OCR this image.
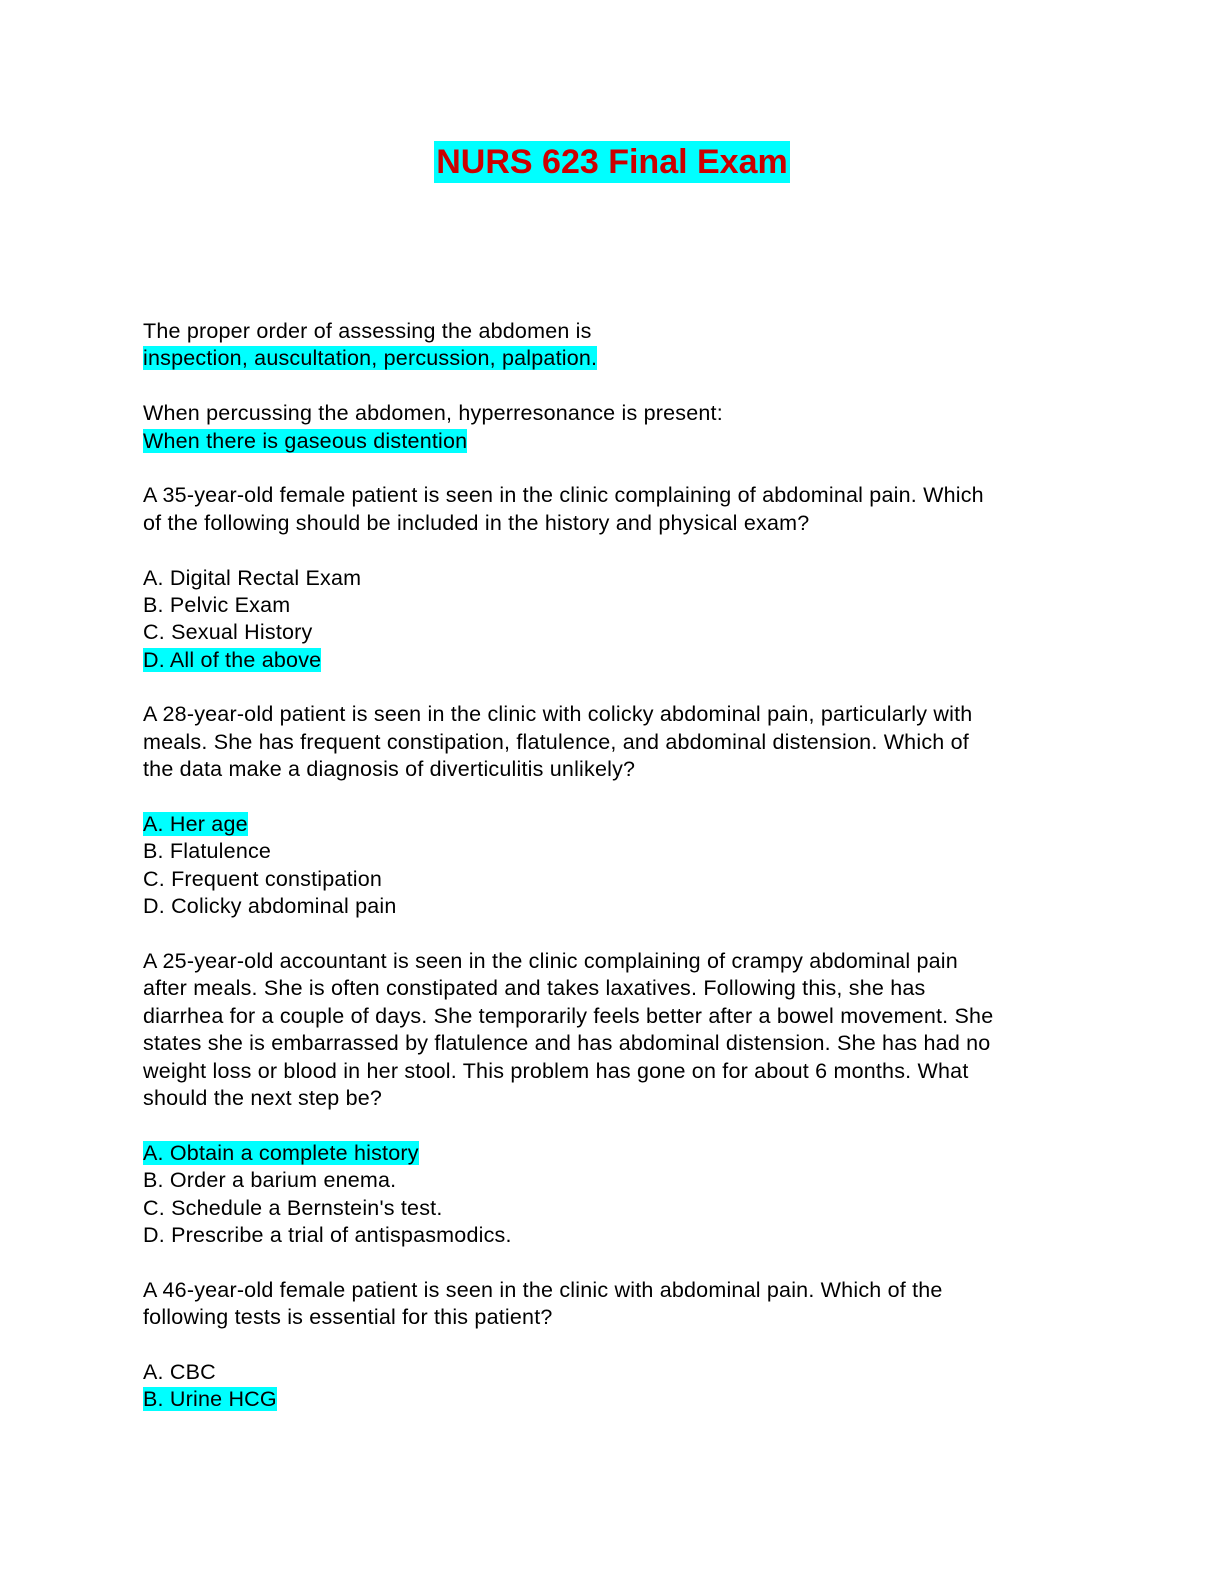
NURS 623 Final Exam
The proper order of assessing the abdomen is
inspection, auscultation, percussion, palpation.
When percussing the abdomen, hyperresonance is present:
When there is gaseous distention
A 35-year-old female patient is seen in the clinic complaining of abdominal pain. Which
of the following should be included in the history and physical exam?
A. Digital Rectal Exam
B. Pelvic Exam
C. Sexual History
D. All of the above
A 28-year-old patient is seen in the clinic with colicky abdominal pain, particularly with
meals. She has frequent constipation, flatulence, and abdominal distension. Which of
the data make a diagnosis of diverticulitis unlikely?
A. Her age
B. Flatulence
C. Frequent constipation
D. Colicky abdominal pain
A 25-year-old accountant is seen in the clinic complaining of crampy abdominal pain
after meals. She is often constipated and takes laxatives. Following this, she has
diarrhea for a couple of days. She temporarily feels better after a bowel movement. She
states she is embarrassed by flatulence and has abdominal distension. She has had no
weight loss or blood in her stool. This problem has gone on for about 6 months. What
should the next step be?
A. Obtain a complete history
B. Order a barium enema.
C. Schedule a Bernstein's test.
D. Prescribe a trial of antispasmodics.
A 46-year-old female patient is seen in the clinic with abdominal pain. Which of the
following tests is essential for this patient?
A. CBC
B. Urine HCG
